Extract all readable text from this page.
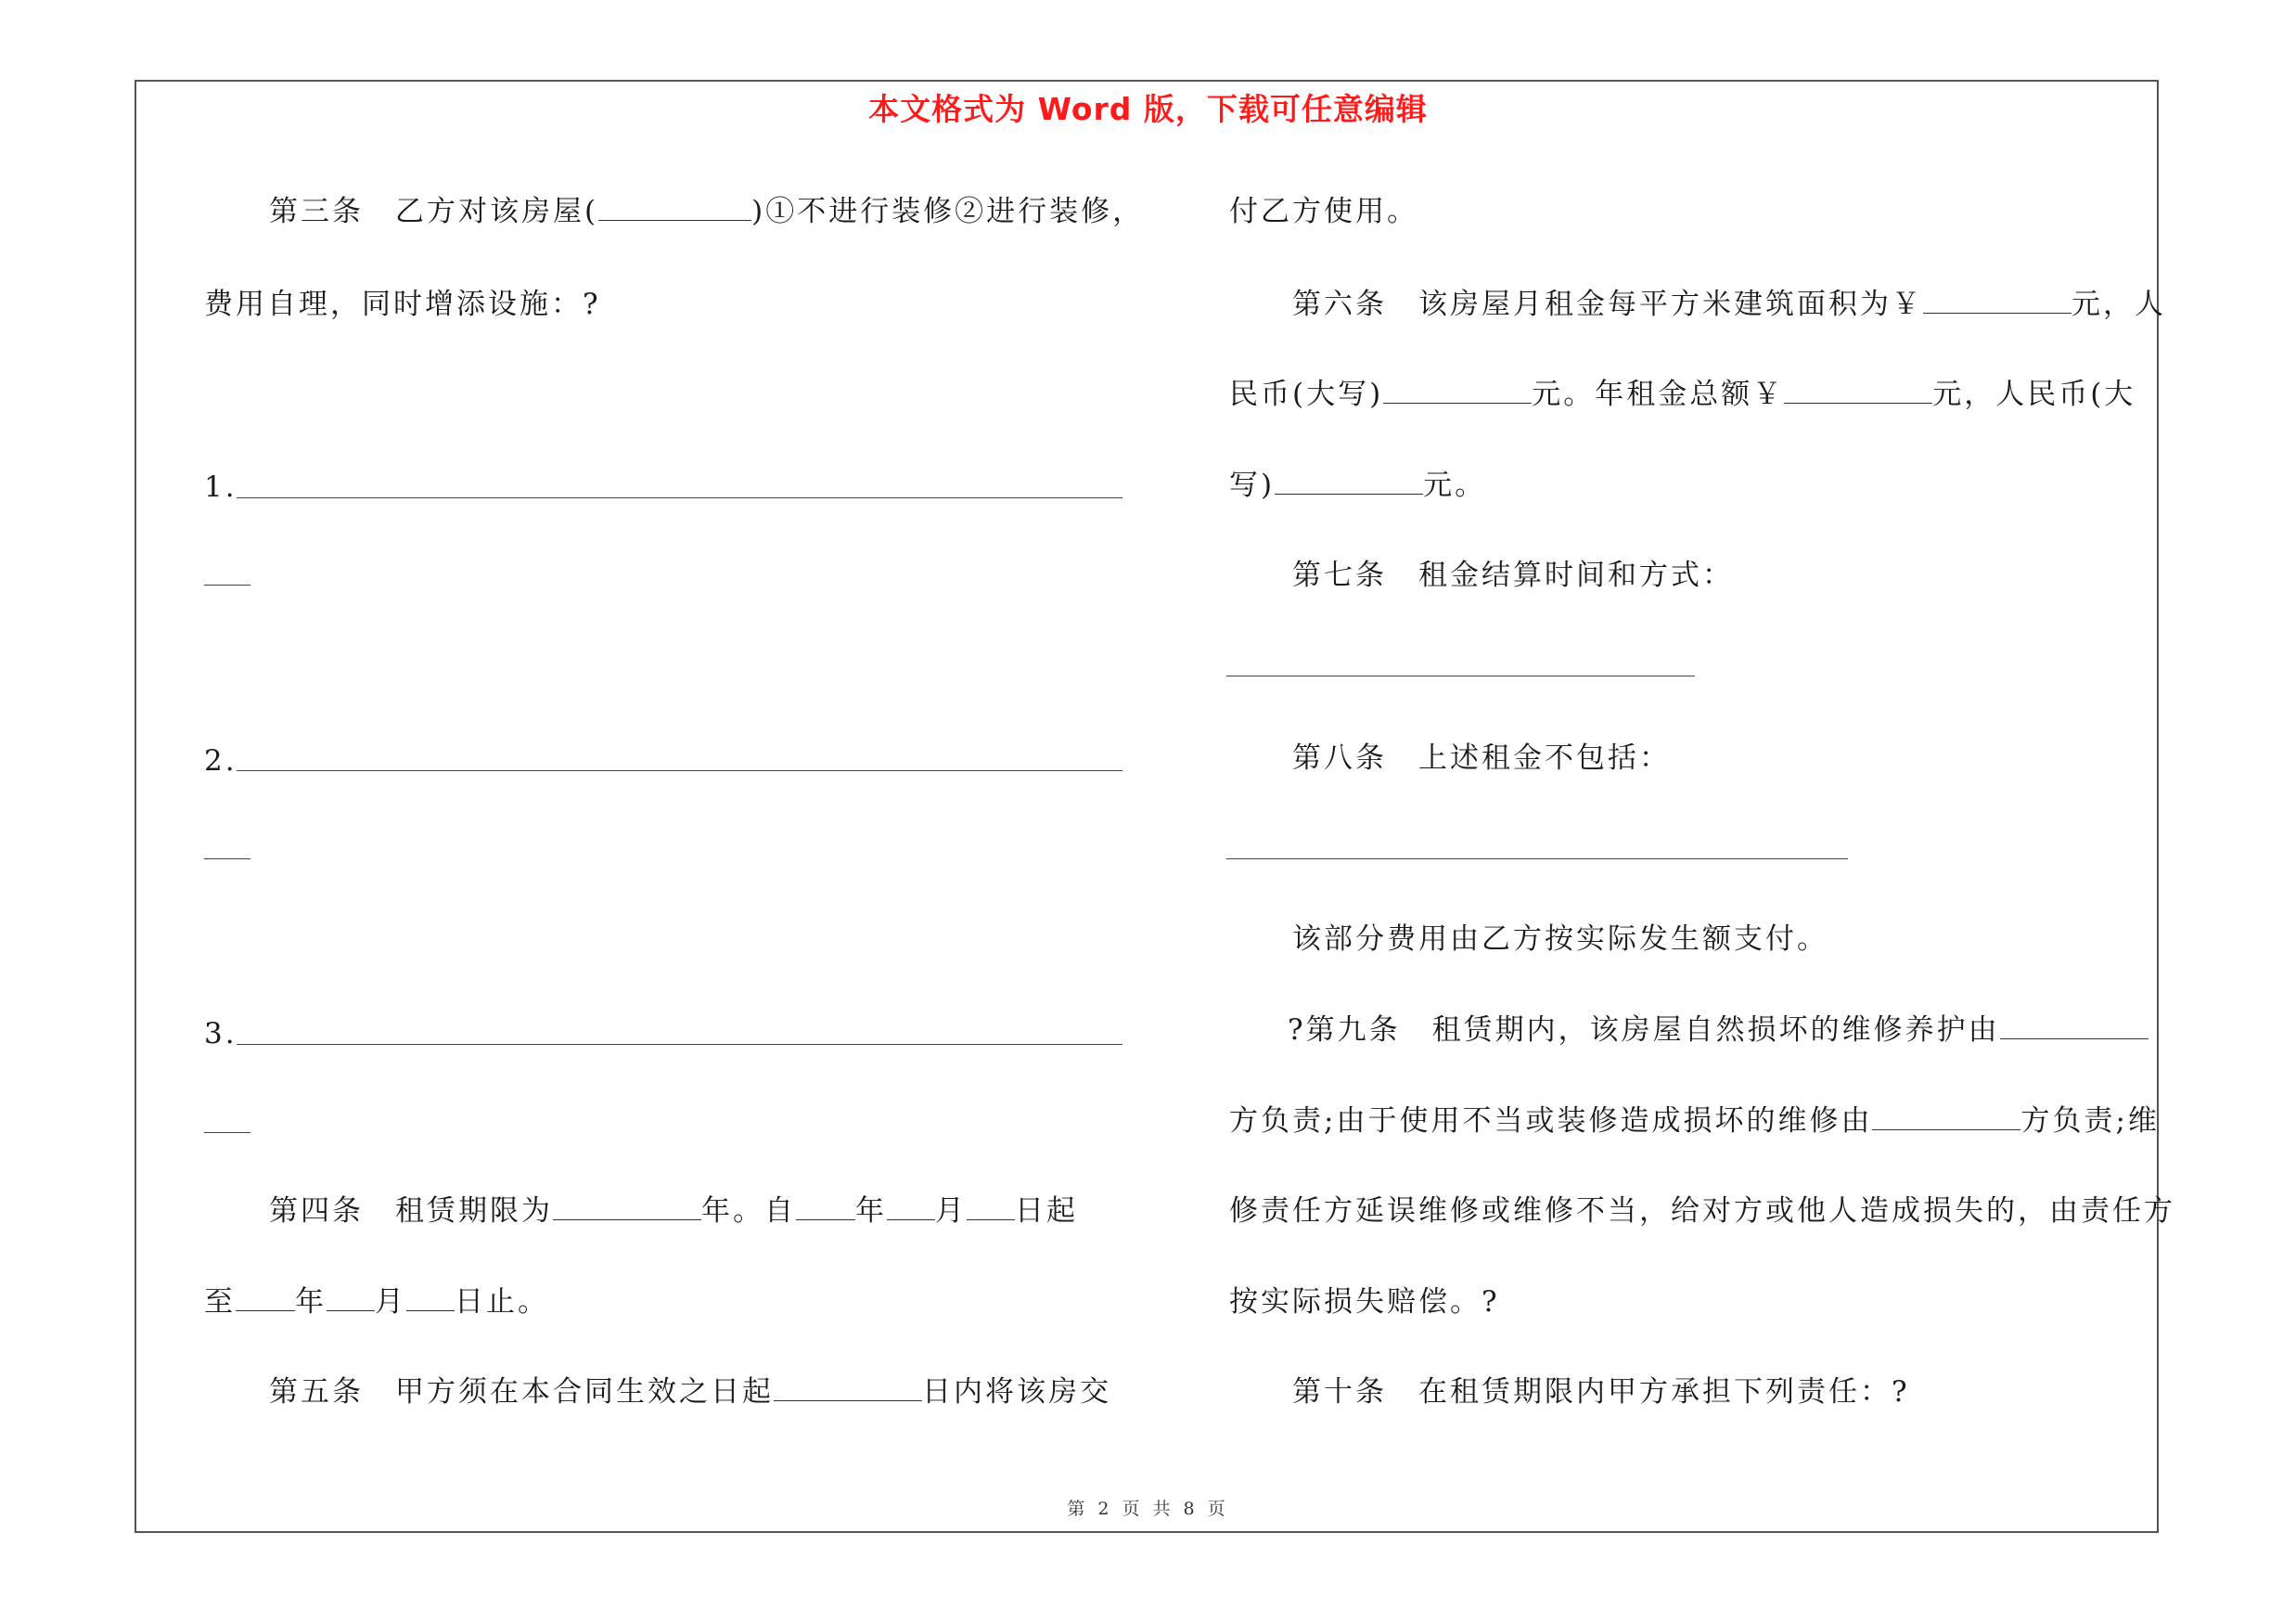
本文格式为 Word 版，下载可任意编辑
第三条　乙方对该房屋(	)①不进行装修②进行装修，
费用自理，同时增添设施：?
1.
2.
3.
第四条　租赁期限为	年。自 年 月 日起
至 年 月 日止。
第五条　甲方须在本合同生效之日起	日内将该房交
付乙方使用。
第六条　该房屋月租金每平方米建筑面积为￥	元，人
民币(大写)	元。年租金总额￥	元，人民币(大
写)	元。
第七条　租金结算时间和方式：
第八条　上述租金不包括：
该部分费用由乙方按实际发生额支付。
?第九条　租赁期内，该房屋自然损坏的维修养护由
方负责;由于使用不当或装修造成损坏的维修由	方负责;维
修责任方延误维修或维修不当，给对方或他人造成损失的，由责任方
按实际损失赔偿。?
第十条　在租赁期限内甲方承担下列责任：?
第 2 页 共 8 页
